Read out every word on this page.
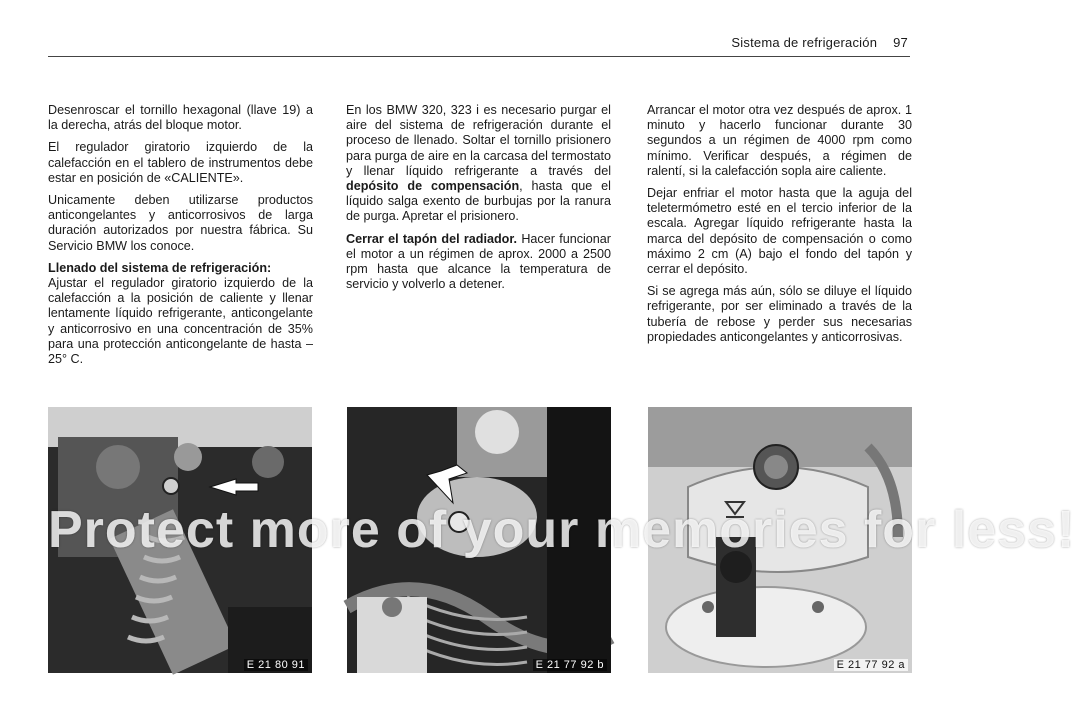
Sistema de refrigeración 97

Desenroscar el tornillo hexagonal (llave 19) a la derecha, atrás del bloque motor.

El regulador giratorio izquierdo de la calefacción en el tablero de instrumentos debe estar en posición de «CALIENTE».

Unicamente deben utilizarse productos anticongelantes y anticorrosivos de larga duración autorizados por nuestra fábrica. Su Servicio BMW los conoce.

Llenado del sistema de refrigeración:
Ajustar el regulador giratorio izquierdo de la calefacción a la posición de caliente y llenar lentamente líquido refrigerante, anticongelante y anticorrosivo en una concentración de 35% para una protección anticongelante de hasta –25° C.

En los BMW 320, 323 i es necesario purgar el aire del sistema de refrigeración durante el proceso de llenado. Soltar el tornillo prisionero para purga de aire en la carcasa del termostato y llenar líquido refrigerante a través del depósito de compensación, hasta que el líquido salga exento de burbujas por la ranura de purga. Apretar el prisionero.

Cerrar el tapón del radiador. Hacer funcionar el motor a un régimen de aprox. 2000 a 2500 rpm hasta que alcance la temperatura de servicio y volverlo a detener.

Arrancar el motor otra vez después de aprox. 1 minuto y hacerlo funcionar durante 30 segundos a un régimen de 4000 rpm como mínimo. Verificar después, a régimen de ralentí, si la calefacción sopla aire caliente.

Dejar enfriar el motor hasta que la aguja del teletermómetro esté en el tercio inferior de la escala. Agregar líquido refrigerante hasta la marca del depósito de compensación o como máximo 2 cm (A) bajo el fondo del tapón y cerrar el depósito.

Si se agrega más aún, sólo se diluye el líquido refrigerante, por ser eliminado a través de la tubería de rebose y perder sus necesarias propiedades anticongelantes y anticorrosivas.

E 21 80 91	E 21 77 92 b	E 21 77 92 a
Protect more of your memories for less!
